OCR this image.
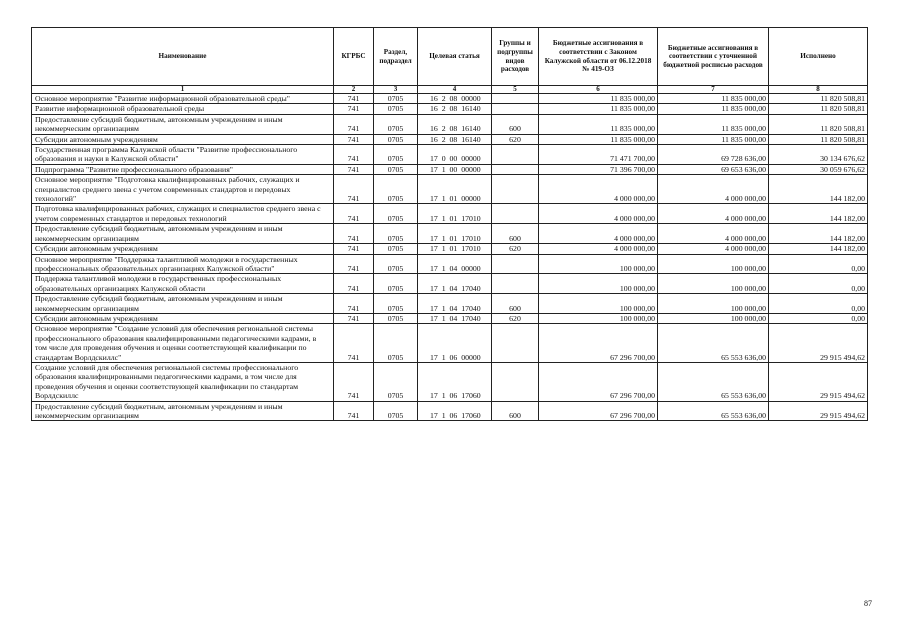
Наименование	КГРБС	Раздел, подраздел	Целевая статья	Группы и подгруппы видов расходов	Бюджетные ассигнования в соответствии с Законом Калужской области от 06.12.2018 № 419-ОЗ	Бюджетные ассигнования в соответствии с уточненной бюджетной росписью расходов	Исполнено
1	2	3	4	5	6	7	8
Основное мероприятие "Развитие информационной образовательной среды"	741	0705	16  2  08  00000		11 835 000,00	11 835 000,00	11 820 508,81
Развитие информационной образовательной среды	741	0705	16  2  08  16140		11 835 000,00	11 835 000,00	11 820 508,81
Предоставление субсидий бюджетным, автономным учреждениям и иным некоммерческим организациям	741	0705	16  2  08  16140	600	11 835 000,00	11 835 000,00	11 820 508,81
Субсидии автономным учреждениям	741	0705	16  2  08  16140	620	11 835 000,00	11 835 000,00	11 820 508,81
Государственная программа Калужской области "Развитие профессионального образования и науки в Калужской области"	741	0705	17  0  00  00000		71 471 700,00	69 728 636,00	30 134 676,62
Подпрограмма "Развитие профессионального образования"	741	0705	17  1  00  00000		71 396 700,00	69 653 636,00	30 059 676,62
Основное мероприятие "Подготовка квалифицированных рабочих, служащих и специалистов среднего звена с учетом современных стандартов и передовых технологий"	741	0705	17  1  01  00000		4 000 000,00	4 000 000,00	144 182,00
Подготовка квалифицированных рабочих, служащих и специалистов среднего звена с учетом современных стандартов и передовых технологий	741	0705	17  1  01  17010		4 000 000,00	4 000 000,00	144 182,00
Предоставление субсидий бюджетным, автономным учреждениям и иным некоммерческим организациям	741	0705	17  1  01  17010	600	4 000 000,00	4 000 000,00	144 182,00
Субсидии автономным учреждениям	741	0705	17  1  01  17010	620	4 000 000,00	4 000 000,00	144 182,00
Основное мероприятие "Поддержка талантливой молодежи в государственных профессиональных образовательных организациях Калужской области"	741	0705	17  1  04  00000		100 000,00	100 000,00	0,00
Поддержка талантливой молодежи в государственных профессиональных образовательных организациях Калужской области	741	0705	17  1  04  17040		100 000,00	100 000,00	0,00
Предоставление субсидий бюджетным, автономным учреждениям и иным некоммерческим организациям	741	0705	17  1  04  17040	600	100 000,00	100 000,00	0,00
Субсидии автономным учреждениям	741	0705	17  1  04  17040	620	100 000,00	100 000,00	0,00
Основное мероприятие "Создание условий для обеспечения региональной системы профессионального образования квалифицированными педагогическими кадрами, в том числе для проведения обучения и оценки соответствующей квалификации по стандартам Ворлдскиллс"	741	0705	17  1  06  00000		67 296 700,00	65 553 636,00	29 915 494,62
Создание условий для обеспечения региональной системы профессионального образования квалифицированными педагогическими кадрами, в том числе для проведения обучения и оценки соответствующей квалификации по стандартам Ворлдскиллс	741	0705	17  1  06  17060		67 296 700,00	65 553 636,00	29 915 494,62
Предоставление субсидий бюджетным, автономным учреждениям и иным некоммерческим организациям	741	0705	17  1  06  17060	600	67 296 700,00	65 553 636,00	29 915 494,62
87
